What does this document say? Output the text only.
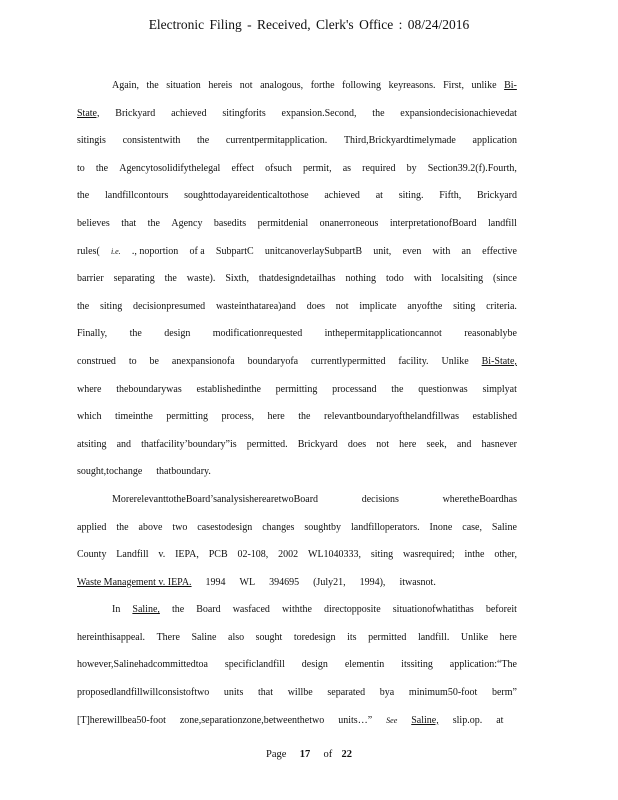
Electronic Filing - Received, Clerk's Office : 08/24/2016
Again, the situation hereis not analogous, forthe following keyreasons. First, unlike Bi-
State, Brickyard achieved sitingforits expansion.Second, the expansiondecisionachievedat
sitingis consistentwith the currentpermitapplication. Third,Brickyardtimelymade application
to the Agencytosolidifythelegal effect ofsuch permit, as required by Section39.2(f).Fourth,
the landfillcontours soughttodayareidenticaltothose achieved at siting. Fifth, Brickyard
believes that the Agency basedits permitdenial onanerroneous interpretationofBoard landfill
rules( i.e. ., noportion of a SubpartC unitcanoverlaySubpartB unit, even with an effective
barrier separating the waste). Sixth, thatdesigndetailhas nothing todo with localsiting (since
the siting decisionpresumed wasteinthatarea)and does not implicate anyofthe siting criteria.
Finally, the design modificationrequested inthepermitapplicationcannot reasonablybe
construed to be anexpansionofa boundaryofa currentlypermitted facility. Unlike Bi-State,
where theboundarywas establishedinthe permitting processand the questionwas simplyat
which timeinthe permitting process, here the relevantboundaryofthelandfillwas established
atsiting and thatfacility’boundary”is permitted. Brickyard does not here seek, and hasnever
sought,tochange thatboundary.
MorerelevanttotheBoard’sanalysisherearetwoBoard	decisions	wheretheBoardhas
applied the above two casestodesign changes soughtby landfilloperators. Inone case, Saline
County Landfill v. IEPA, PCB 02-108, 2002 WL1040333, siting wasrequired; inthe other,
Waste Management v. IEPA. 1994 WL 394695 (July21, 1994), itwasnot.
In Saline, the Board wasfaced withthe directopposite situationofwhatithas beforeit
hereinthisappeal. There Saline also sought toredesign its permitted landfill. Unlike here
however,Salinehadcommittedtoa specificlandfill design elementin itssiting application:“The
proposedlandfillwillconsistoftwo units that willbe separated bya minimum50-foot berm”
[T]herewillbea50-foot zone,separationzone,betweenthetwo units…” See Saline, slip.op. at
Page 17 of 22
